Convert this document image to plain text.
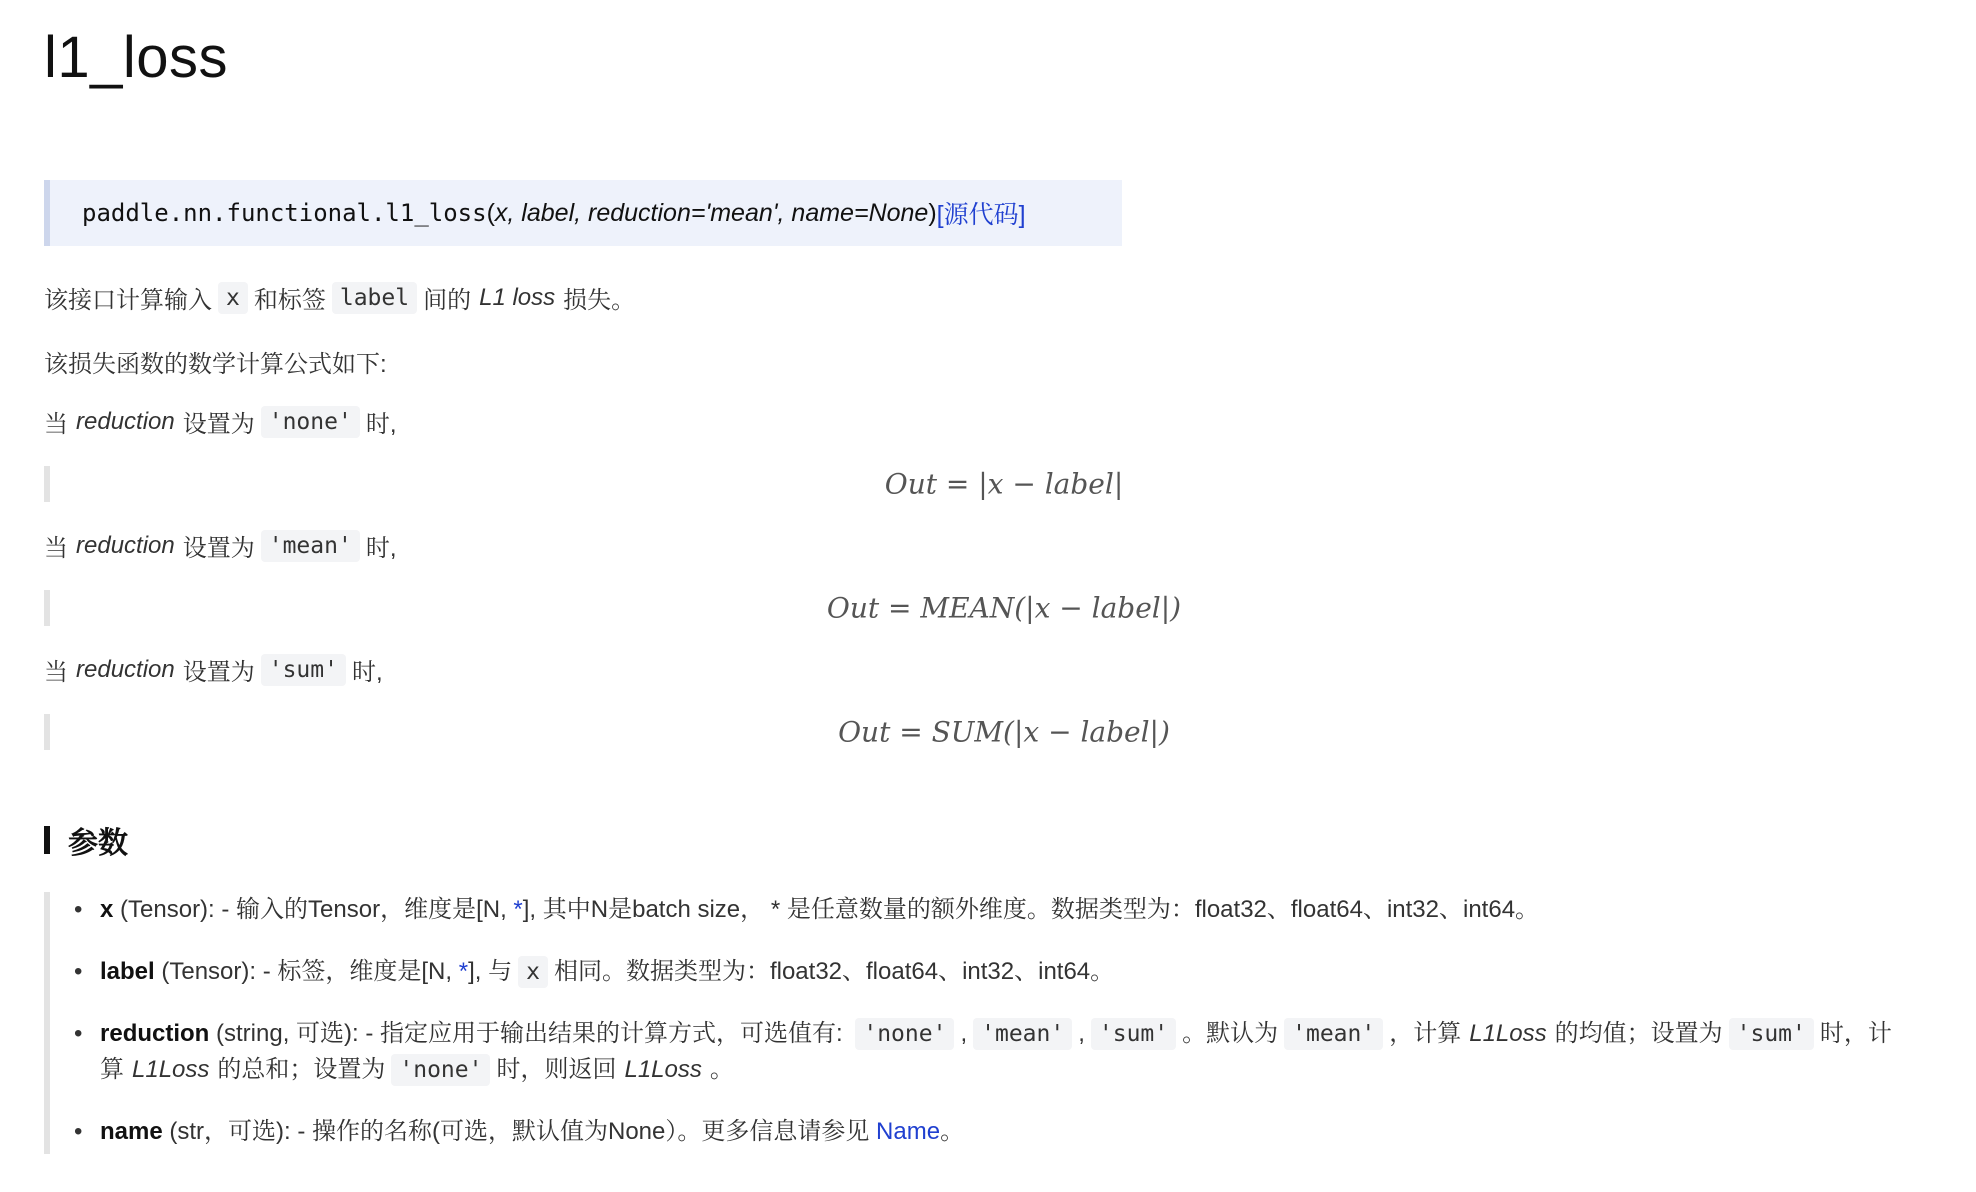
l1_loss
paddle.nn.functional.l1_loss ( x, label, reduction='mean', name=None ) [源代码]
该接口计算输入 x 和标签 label 间的 L1 loss 损失。
该损失函数的数学计算公式如下:
当 reduction 设置为 'none' 时,
Out = |x − label|
当 reduction 设置为 'mean' 时,
Out = MEAN(|x − label|)
当 reduction 设置为 'sum' 时,
Out = SUM(|x − label|)
参数
• x (Tensor): - 输入的Tensor，维度是[N, *], 其中N是batch size， * 是任意数量的额外维度。数据类型为：float32、float64、int32、int64。
• label (Tensor): - 标签，维度是[N, *], 与 x 相同。数据类型为：float32、float64、int32、int64。
• reduction (string, 可选): - 指定应用于输出结果的计算方式，可选值有: 'none' , 'mean' , 'sum' 。默认为 'mean' ，计算 L1Loss 的均值；设置为 'sum' 时，计
算 L1Loss 的总和；设置为 'none' 时，则返回 L1Loss 。
• name (str，可选): - 操作的名称(可选，默认值为None）。更多信息请参见 Name。
